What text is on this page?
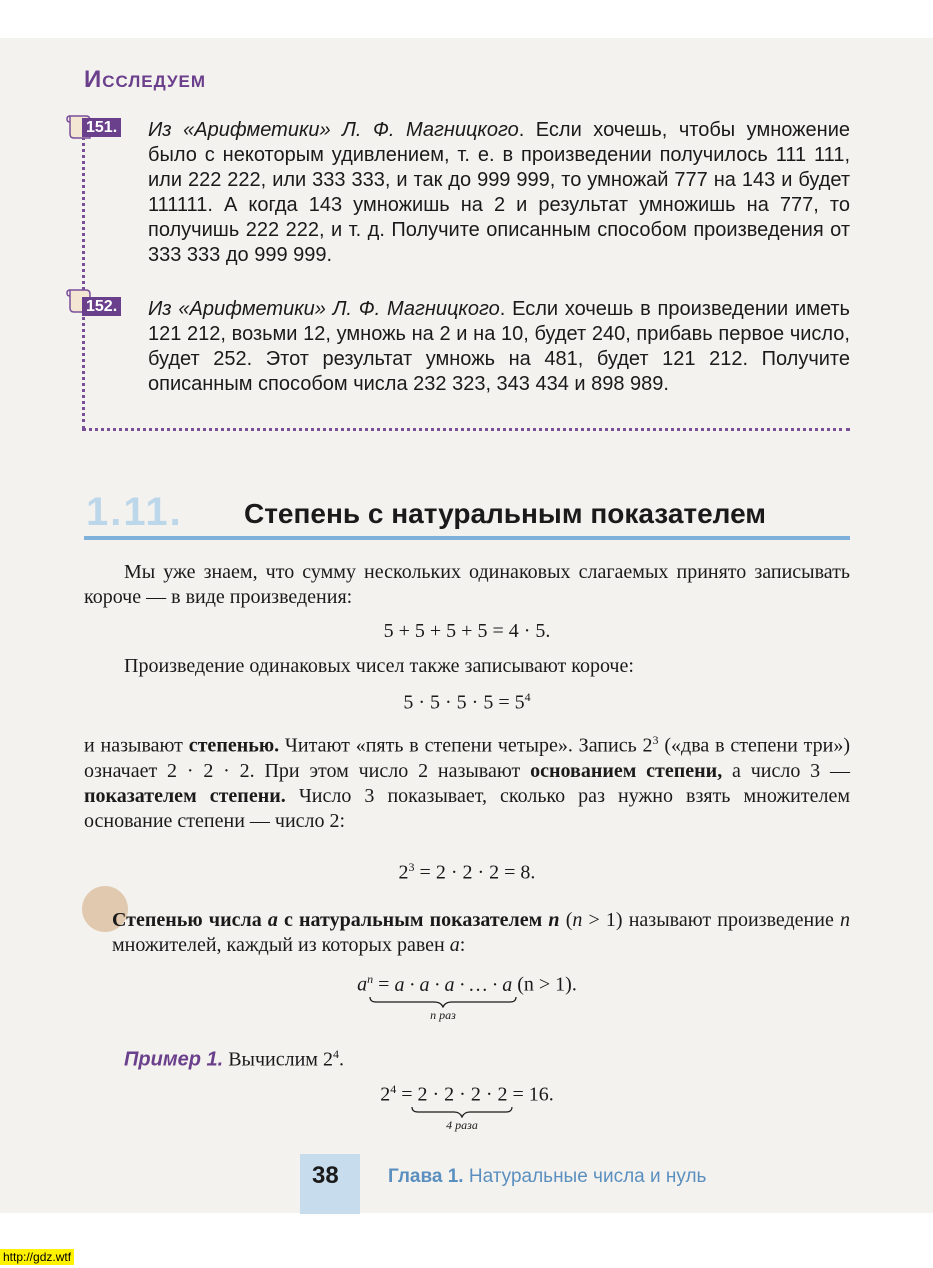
Исследуем
151. Из «Арифметики» Л. Ф. Магницкого. Если хочешь, чтобы умножение было с некоторым удивлением, т. е. в произведении получилось 111 111, или 222 222, или 333 333, и так до 999 999, то умножай 777 на 143 и будет 111111. А когда 143 умножишь на 2 и результат умножишь на 777, то получишь 222 222, и т. д. Получите описанным способом произведения от 333 333 до 999 999.
152. Из «Арифметики» Л. Ф. Магницкого. Если хочешь в произведении иметь 121 212, возьми 12, умножь на 2 и на 10, будет 240, прибавь первое число, будет 252. Этот результат умножь на 481, будет 121 212. Получите описанным способом числа 232 323, 343 434 и 898 989.
1.11. Степень с натуральным показателем
Мы уже знаем, что сумму нескольких одинаковых слагаемых принято записывать короче — в виде произведения:
5 + 5 + 5 + 5 = 4 · 5.
Произведение одинаковых чисел также записывают короче:
$5 \cdot 5 \cdot 5 \cdot 5 = 5^4$
и называют степенью. Читают «пять в степени четыре». Запись $2^3$ («два в степени три») означает 2 · 2 · 2. При этом число 2 называют основанием степени, а число 3 — показателем степени. Число 3 показывает, сколько раз нужно взять множителем основание степени — число 2:
$2^3 = 2 \cdot 2 \cdot 2 = 8$.
Степенью числа a с натуральным показателем n (n > 1) называют произведение n множителей, каждый из которых равен a:
$a^n = a \cdot a \cdot a$ · … · a (n > 1).
n раз
Пример 1. Вычислим $2^4$.
$2^4 = 2 \cdot 2 \cdot 2 \cdot 2 = 16$.
4 раза
38	Глава 1. Натуральные числа и нуль
http://gdz.wtf
